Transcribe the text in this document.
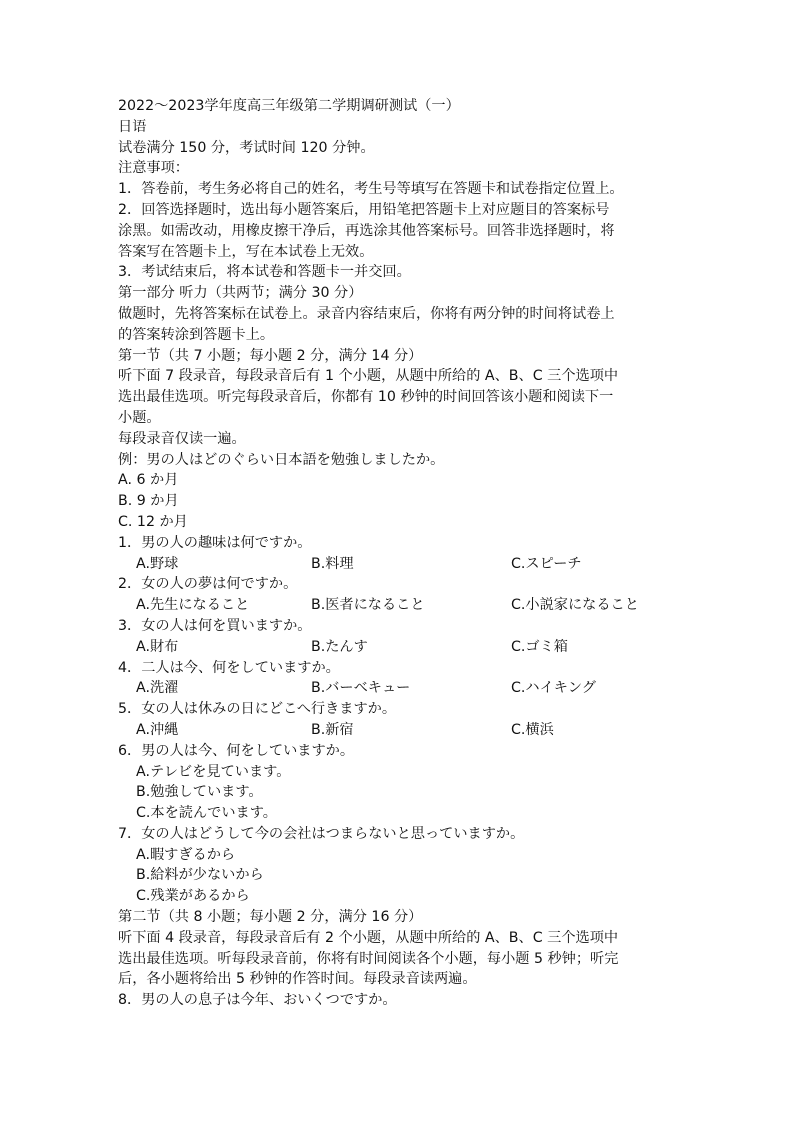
2022～2023学年度高三年级第二学期调研测试（一）
日语
试卷满分 150 分，考试时间 120 分钟。
注意事项：
1．答卷前，考生务必将自己的姓名，考生号等填写在答题卡和试卷指定位置上。
2．回答选择题时，选出每小题答案后，用铅笔把答题卡上对应题目的答案标号
涂黑。如需改动，用橡皮擦干净后，再选涂其他答案标号。回答非选择题时，将
答案写在答题卡上，写在本试卷上无效。
3．考试结束后，将本试卷和答题卡一并交回。
第一部分 听力（共两节；满分 30 分）
做题时，先将答案标在试卷上。录音内容结束后，你将有两分钟的时间将试卷上
的答案转涂到答题卡上。
第一节（共 7 小题；每小题 2 分，满分 14 分）
听下面 7 段录音，每段录音后有 1 个小题，从题中所给的 A、B、C 三个选项中
选出最佳选项。听完每段录音后，你都有 10 秒钟的时间回答该小题和阅读下一
小题。
每段录音仅读一遍。
例：男の人はどのぐらい日本語を勉強しましたか。
A. 6 か月
B. 9 か月
C. 12 か月
1．男の人の趣味は何ですか。
A.野球	B.料理	C.スピーチ
2．女の人の夢は何ですか。
A.先生になること	B.医者になること	C.小説家になること
3．女の人は何を買いますか。
A.財布	B.たんす	C.ゴミ箱
4．二人は今、何をしていますか。
A.洗濯	B.バーベキュー	C.ハイキング
5．女の人は休みの日にどこへ行きますか。
A.沖縄	B.新宿	C.横浜
6．男の人は今、何をしていますか。
A.テレビを見ています。
B.勉強しています。
C.本を読んでいます。
7．女の人はどうして今の会社はつまらないと思っていますか。
A.暇すぎるから
B.給料が少ないから
C.残業があるから
第二节（共 8 小题；每小题 2 分，满分 16 分）
听下面 4 段录音，每段录音后有 2 个小题，从题中所给的 A、B、C 三个选项中
选出最佳选项。听每段录音前，你将有时间阅读各个小题，每小题 5 秒钟；听完
后，各小题将给出 5 秒钟的作答时间。每段录音读两遍。
8．男の人の息子は今年、おいくつですか。
